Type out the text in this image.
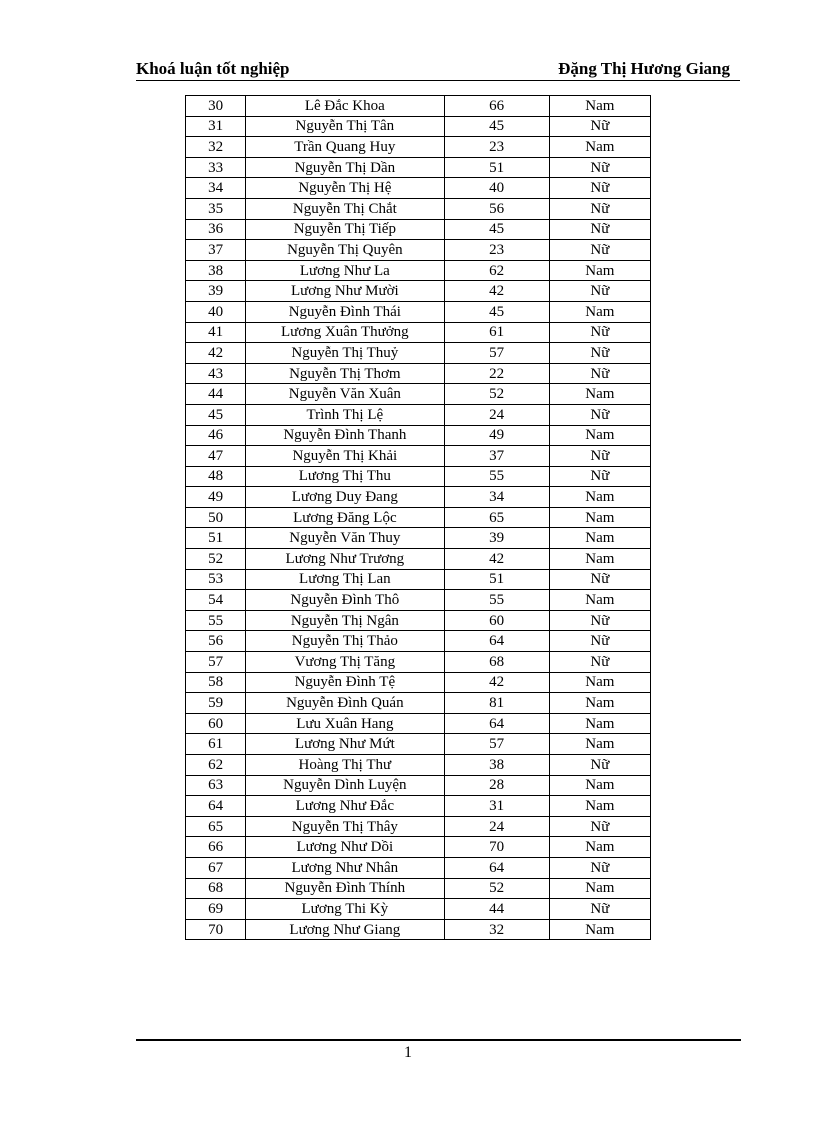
Khoá luận tốt nghiệp	Đặng Thị Hương Giang
30	Lê Đắc Khoa	66	Nam
31	Nguyễn Thị Tân	45	Nữ
32	Trần Quang Huy	23	Nam
33	Nguyễn Thị Dần	51	Nữ
34	Nguyễn Thị Hệ	40	Nữ
35	Nguyễn Thị Chắt	56	Nữ
36	Nguyễn Thị Tiếp	45	Nữ
37	Nguyễn Thị Quyên	23	Nữ
38	Lương Như La	62	Nam
39	Lương Như Mười	42	Nữ
40	Nguyễn Đình Thái	45	Nam
41	Lương Xuân Thưởng	61	Nữ
42	Nguyễn Thị Thuỷ	57	Nữ
43	Nguyễn Thị Thơm	22	Nữ
44	Nguyễn Văn Xuân	52	Nam
45	Trình Thị Lệ	24	Nữ
46	Nguyễn Đình Thanh	49	Nam
47	Nguyễn Thị Khải	37	Nữ
48	Lương Thị Thu	55	Nữ
49	Lương Duy Đang	34	Nam
50	Lương Đăng Lộc	65	Nam
51	Nguyễn Văn Thuy	39	Nam
52	Lương Như Trương	42	Nam
53	Lương Thị Lan	51	Nữ
54	Nguyễn Đình Thô	55	Nam
55	Nguyễn Thị Ngân	60	Nữ
56	Nguyễn Thị Thảo	64	Nữ
57	Vương Thị Tăng	68	Nữ
58	Nguyễn Đình Tệ	42	Nam
59	Nguyễn Đình Quán	81	Nam
60	Lưu Xuân Hang	64	Nam
61	Lương Như Mứt	57	Nam
62	Hoàng Thị Thư	38	Nữ
63	Nguyễn Dình Luyện	28	Nam
64	Lương Như Đắc	31	Nam
65	Nguyễn Thị Thây	24	Nữ
66	Lương Như Dồi	70	Nam
67	Lương Như Nhân	64	Nữ
68	Nguyễn Đình Thính	52	Nam
69	Lương Thi Kỳ	44	Nữ
70	Lương Như Giang	32	Nam
1
